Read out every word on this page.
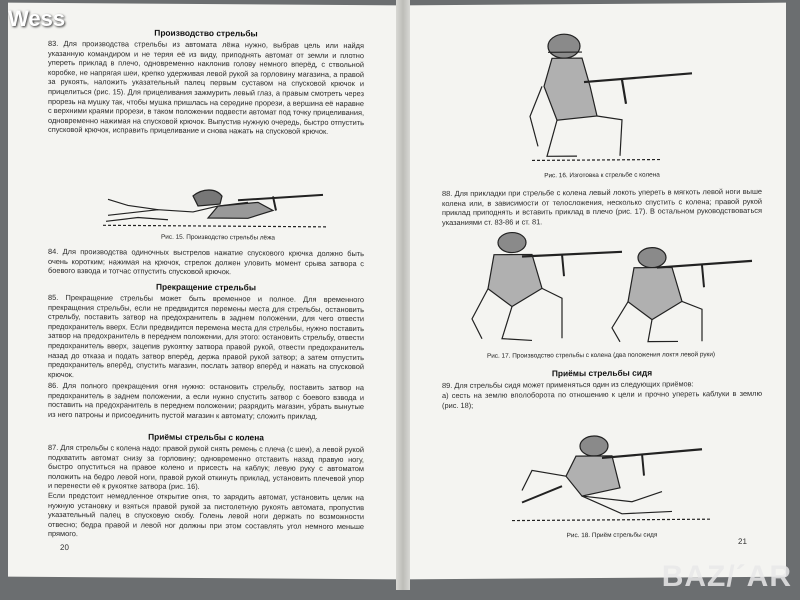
Wess
BAZ/´AR

Производство стрельбы

83. Для производства стрельбы из автомата лёжа нужно, выбрав цель или найдя указанную командиром и не теряя её из виду, приподнять автомат от земли и плотно упереть приклад в плечо, одновременно наклонив голову немного вперёд, с ствольной коробке, не напрягая шеи, крепко удерживая левой рукой за горловину магазина, а правой за рукоять, наложить указательный палец первым суставом на спусковой крючок и прицелиться (рис. 15). Для прицеливания зажмурить левый глаз, а правым смотреть через прорезь на мушку так, чтобы мушка пришлась на середине прорези, а вершина её наравне с верхними краями прорези, в таком положении подвести автомат под точку прицеливания, одновременно нажимая на спусковой крючок. Выпустив нужную очередь, быстро отпустить спусковой крючок, исправить прицеливание и снова нажать на спусковой крючок.

Рис. 15. Производство стрельбы лёжа

84. Для производства одиночных выстрелов нажатие спускового крючка должно быть очень коротким; нажимая на крючок, стрелок должен уловить момент срыва затвора с боевого взвода и тотчас отпустить спусковой крючок.

Прекращение стрельбы

85. Прекращение стрельбы может быть временное и полное. Для временного прекращения стрельбы, если не предвидится перемены места для стрельбы, остановить стрельбу, поставить затвор на предохранитель в заднем положении, для чего отвести предохранитель вверх. Если предвидится перемена места для стрельбы, нужно поставить затвор на предохранитель в переднем положении, для этого: остановить стрельбу, отвести предохранитель вверх, зацепив рукоятку затвора правой рукой, отвести предохранитель назад до отказа и подать затвор вперёд, держа правой рукой затвор; а затем отпустить предохранитель вперёд, спустить магазин, послать затвор вперёд и нажать на спусковой крючок.

86. Для полного прекращения огня нужно: остановить стрельбу, поставить затвор на предохранитель в заднем положении, а если нужно спустить затвор с боевого взвода и поставить на предохранитель в переднем положении; разрядить магазин, убрать вынутые из него патроны и присоединить пустой магазин к автомату; сложить приклад.

Приёмы стрельбы с колена

87. Для стрельбы с колена надо: правой рукой снять ремень с плеча (с шеи), а левой рукой подхватить автомат снизу за горловину; одновременно отставить назад правую ногу, быстро опуститься на правое колено и присесть на каблук; левую руку с автоматом положить на бедро левой ноги, правой рукой откинуть приклад, установить плечевой упор и перенести её к рукоятке затвора (рис. 16).

Если предстоит немедленное открытие огня, то зарядить автомат, установить целик на нужную установку и взяться правой рукой за пистолетную рукоять автомата, пропустив указательный палец в спусковую скобу. Голень левой ноги держать по возможности отвесно; бедра правой и левой ног должны при этом составлять угол немного меньше прямого.

20

Рис. 16. Изготовка к стрельбе с колена

88. Для прикладки при стрельбе с колена левый локоть упереть в мягкоть левой ноги выше колена или, в зависимости от телосложения, несколько спустить с колена; правой рукой приклад приподнять и вставить приклад в плечо (рис. 17). В остальном руководствоваться указаниями ст. 83-86 и ст. 81.

Рис. 17. Производство стрельбы с колена (два положения локтя левой руки)

Приёмы стрельбы сидя

89. Для стрельбы сидя может применяться один из следующих приёмов:

а) сесть на землю вполоборота по отношению к цели и прочно упереть каблуки в землю (рис. 18);

Рис. 18. Приём стрельбы сидя

21
